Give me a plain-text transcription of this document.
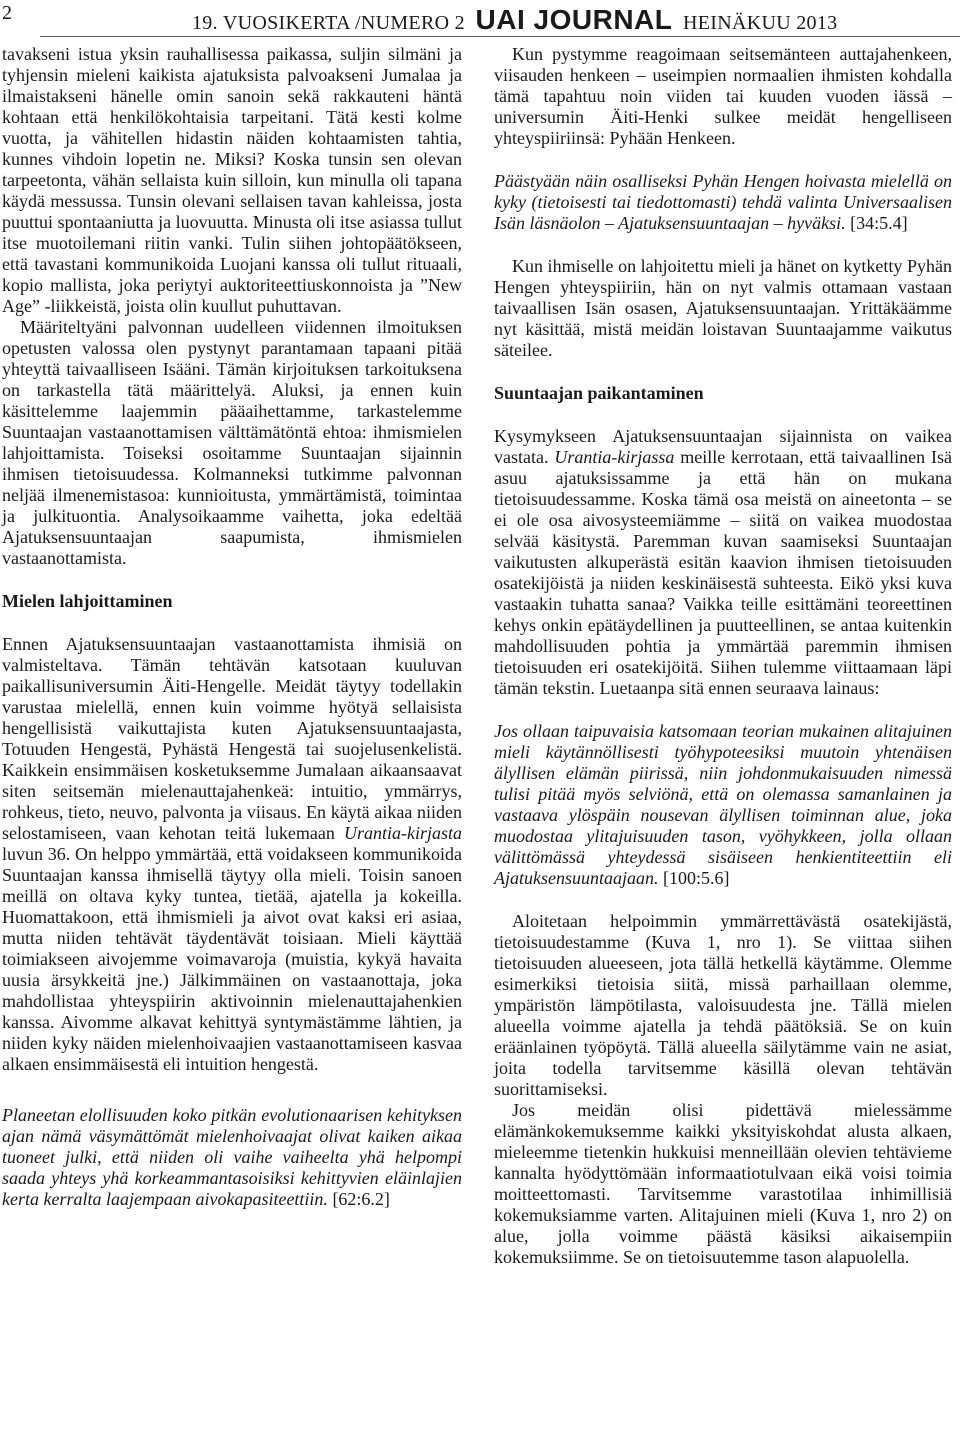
2	19. VUOSIKERTA /NUMERO 2 UAI JOURNAL HEINÄKUU 2013

tavakseni istua yksin rauhallisessa paikassa, suljin silmäni ja tyhjensin mieleni kaikista ajatuksista palvoakseni Jumalaa ja ilmaistakseni hänelle omin sanoin sekä rakkauteni häntä kohtaan että henkilökohtaisia tarpeitani. Tätä kesti kolme vuotta, ja vähitellen hidastin näiden kohtaamisten tahtia, kunnes vihdoin lopetin ne. Miksi? Koska tunsin sen olevan tarpeetonta, vähän sellaista kuin silloin, kun minulla oli tapana käydä messussa. Tunsin olevani sellaisen tavan kahleissa, josta puuttui spontaaniutta ja luovuutta. Minusta oli itse asiassa tullut itse muotoilemani riitin vanki. Tulin siihen johtopäätökseen, että tavastani kommunikoida Luojani kanssa oli tullut rituaali, kopio mallista, joka periytyi auktoriteettiuskonnoista ja ”New Age” -liikkeistä, joista olin kuullut puhuttavan.

Määriteltyäni palvonnan uudelleen viidennen ilmoituksen opetusten valossa olen pystynyt parantamaan tapaani pitää yhteyttä taivaalliseen Isääni. Tämän kirjoituksen tarkoituksena on tarkastella tätä määrittelyä. Aluksi, ja ennen kuin käsittelemme laajemmin pääaihettamme, tarkastelemme Suuntaajan vastaanottamisen välttämätöntä ehtoa: ihmismielen lahjoittamista. Toiseksi osoitamme Suuntaajan sijainnin ihmisen tietoisuudessa. Kolmanneksi tutkimme palvonnan neljää ilmenemistasoa: kunnioitusta, ymmärtämistä, toimintaa ja julkituontia. Analysoikaamme vaihetta, joka edeltää Ajatuksensuuntaajan saapumista, ihmismielen vastaanottamista.

Mielen lahjoittaminen

Ennen Ajatuksensuuntaajan vastaanottamista ihmisiä on valmisteltava. Tämän tehtävän katsotaan kuuluvan paikallisuniversumin Äiti-Hengelle. Meidät täytyy todellakin varustaa mielellä, ennen kuin voimme hyötyä sellaisista hengellisistä vaikuttajista kuten Ajatuksensuuntaajasta, Totuuden Hengestä, Pyhästä Hengestä tai suojelusenkelistä. Kaikkein ensimmäisen kosketuksemme Jumalaan aikaansaavat siten seitsemän mielenauttajahenkeä: intuitio, ymmärrys, rohkeus, tieto, neuvo, palvonta ja viisaus. En käytä aikaa niiden selostamiseen, vaan kehotan teitä lukemaan Urantia-kirjasta luvun 36. On helppo ymmärtää, että voidakseen kommunikoida Suuntaajan kanssa ihmisellä täytyy olla mieli. Toisin sanoen meillä on oltava kyky tuntea, tietää, ajatella ja kokeilla. Huomattakoon, että ihmismieli ja aivot ovat kaksi eri asiaa, mutta niiden tehtävät täydentävät toisiaan. Mieli käyttää toimiakseen aivojemme voimavaroja (muistia, kykyä havaita uusia ärsykkeitä jne.) Jälkimmäinen on vastaanottaja, joka mahdollistaa yhteyspiirin aktivoinnin mielenauttajahenkien kanssa. Aivomme alkavat kehittyä syntymästämme lähtien, ja niiden kyky näiden mielenhoivaajien vastaanottamiseen kasvaa alkaen ensimmäisestä eli intuition hengestä.

Planeetan elollisuuden koko pitkän evolutionaarisen kehityksen ajan nämä väsymättömät mielenhoivaajat olivat kaiken aikaa tuoneet julki, että niiden oli vaihe vaiheelta yhä helpompi saada yhteys yhä korkeammantasoisiksi kehittyvien eläinlajien kerta kerralta laajempaan aivokapasiteettiin. [62:6.2]

Kun pystymme reagoimaan seitsemänteen auttajahenkeen, viisauden henkeen – useimpien normaalien ihmisten kohdalla tämä tapahtuu noin viiden tai kuuden vuoden iässä – universumin Äiti-Henki sulkee meidät hengelliseen yhteyspiiriinsä: Pyhään Henkeen.

Päästyään näin osalliseksi Pyhän Hengen hoivasta mielellä on kyky (tietoisesti tai tiedottomasti) tehdä valinta Universaalisen Isän läsnäolon – Ajatuksensuuntaajan – hyväksi. [34:5.4]

Kun ihmiselle on lahjoitettu mieli ja hänet on kytketty Pyhän Hengen yhteyspiiriin, hän on nyt valmis ottamaan vastaan taivaallisen Isän osasen, Ajatuksensuuntaajan. Yrittäkäämme nyt käsittää, mistä meidän loistavan Suuntaajamme vaikutus säteilee.

Suuntaajan paikantaminen

Kysymykseen Ajatuksensuuntaajan sijainnista on vaikea vastata. Urantia-kirjassa meille kerrotaan, että taivaallinen Isä asuu ajatuksissamme ja että hän on mukana tietoisuudessamme. Koska tämä osa meistä on aineetonta – se ei ole osa aivosysteemiämme – siitä on vaikea muodostaa selvää käsitystä. Paremman kuvan saamiseksi Suuntaajan vaikutusten alkuperästä esitän kaavion ihmisen tietoisuuden osatekijöistä ja niiden keskinäisestä suhteesta. Eikö yksi kuva vastaakin tuhatta sanaa? Vaikka teille esittämäni teoreettinen kehys onkin epätäydellinen ja puutteellinen, se antaa kuitenkin mahdollisuuden pohtia ja ymmärtää paremmin ihmisen tietoisuuden eri osatekijöitä. Siihen tulemme viittaamaan läpi tämän tekstin. Luetaanpa sitä ennen seuraava lainaus:

Jos ollaan taipuvaisia katsomaan teorian mukainen alitajuinen mieli käytännöllisesti työhypoteesiksi muutoin yhtenäisen älyllisen elämän piirissä, niin johdonmukaisuuden nimessä tulisi pitää myös selviönä, että on olemassa samanlainen ja vastaava ylöspäin nousevan älyllisen toiminnan alue, joka muodostaa ylitajuisuuden tason, vyöhykkeen, jolla ollaan välittömässä yhteydessä sisäiseen henkientiteettiin eli Ajatuksensuuntaajaan. [100:5.6]

Aloitetaan helpoimmin ymmärrettävästä osatekijästä, tietoisuudestamme (Kuva 1, nro 1). Se viittaa siihen tietoisuuden alueeseen, jota tällä hetkellä käytämme. Olemme esimerkiksi tietoisia siitä, missä parhaillaan olemme, ympäristön lämpötilasta, valoisuudesta jne. Tällä mielen alueella voimme ajatella ja tehdä päätöksiä. Se on kuin eräänlainen työpöytä. Tällä alueella säilytämme vain ne asiat, joita todella tarvitsemme käsillä olevan tehtävän suorittamiseksi.

Jos meidän olisi pidettävä mielessämme elämänkokemuksemme kaikki yksityiskohdat alusta alkaen, mieleemme tietenkin hukkuisi menneillään olevien tehtävieme kannalta hyödyttömään informaatiotulvaan eikä voisi toimia moitteettomasti. Tarvitsemme varastotilaa inhimillisiä kokemuksiamme varten. Alitajuinen mieli (Kuva 1, nro 2) on alue, jolla voimme päästä käsiksi aikaisempiin kokemuksiimme. Se on tietoisuutemme tason alapuolella.
